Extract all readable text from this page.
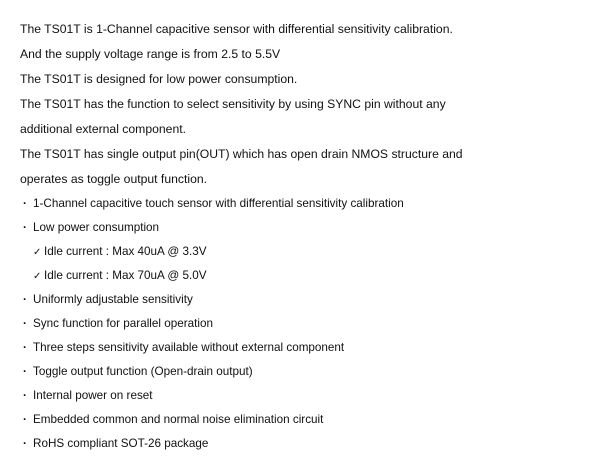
The TS01T is 1-Channel capacitive sensor with differential sensitivity calibration.
And the supply voltage range is from 2.5 to 5.5V
The TS01T is designed for low power consumption.
The TS01T has the function to select sensitivity by using SYNC pin without any
additional external component.
The TS01T has single output pin(OUT) which has open drain NMOS structure and
operates as toggle output function.
· 1-Channel capacitive touch sensor with differential sensitivity calibration
· Low power consumption
✓ Idle current : Max 40uA @ 3.3V
✓ Idle current : Max 70uA @ 5.0V
· Uniformly adjustable sensitivity
· Sync function for parallel operation
· Three steps sensitivity available without external component
· Toggle output function (Open-drain output)
· Internal power on reset
· Embedded common and normal noise elimination circuit
· RoHS compliant SOT-26 package
